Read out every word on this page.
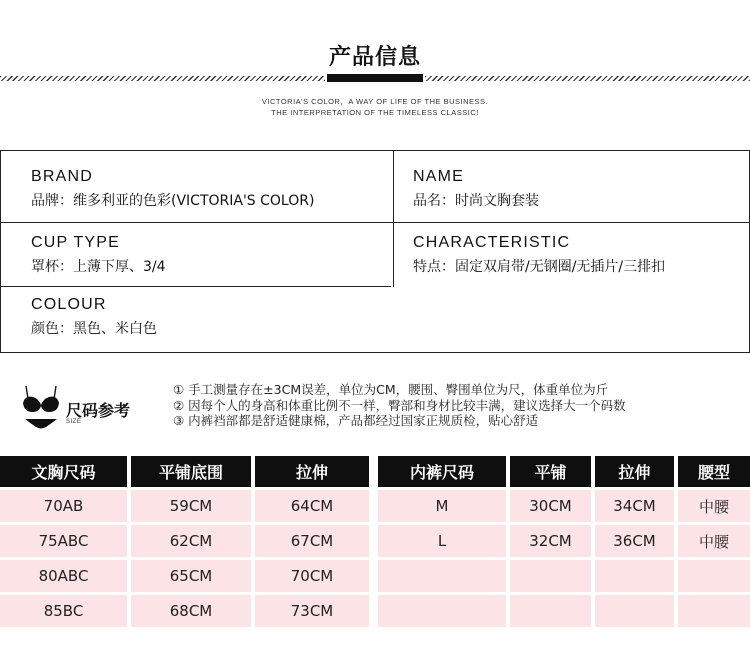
产品信息
VICTORIA'S COLOR，A WAY OF LIFE OF THE BUSINESS.
THE INTERPRETATION OF THE TIMELESS CLASSIC!
BRAND
品牌：维多利亚的色彩(VICTORIA'S COLOR)
NAME
品名：时尚文胸套装
CUP TYPE
罩杯：上薄下厚、3/4
CHARACTERISTIC
特点：固定双肩带/无钢圈/无插片/三排扣
COLOUR
颜色：黑色、米白色
尺码参考
SIZE
① 手工测量存在±3CM误差，单位为CM，腰围、臀围单位为尺，体重单位为斤
② 因每个人的身高和体重比例不一样，臀部和身材比较丰满，建议选择大一个码数
③ 内裤裆部都是舒适健康棉，产品都经过国家正规质检，贴心舒适
文胸尺码	平铺底围	拉伸
70AB	59CM	64CM
75ABC	62CM	67CM
80ABC	65CM	70CM
85BC	68CM	73CM
内裤尺码	平铺	拉伸	腰型
M	30CM	34CM	中腰
L	32CM	36CM	中腰
